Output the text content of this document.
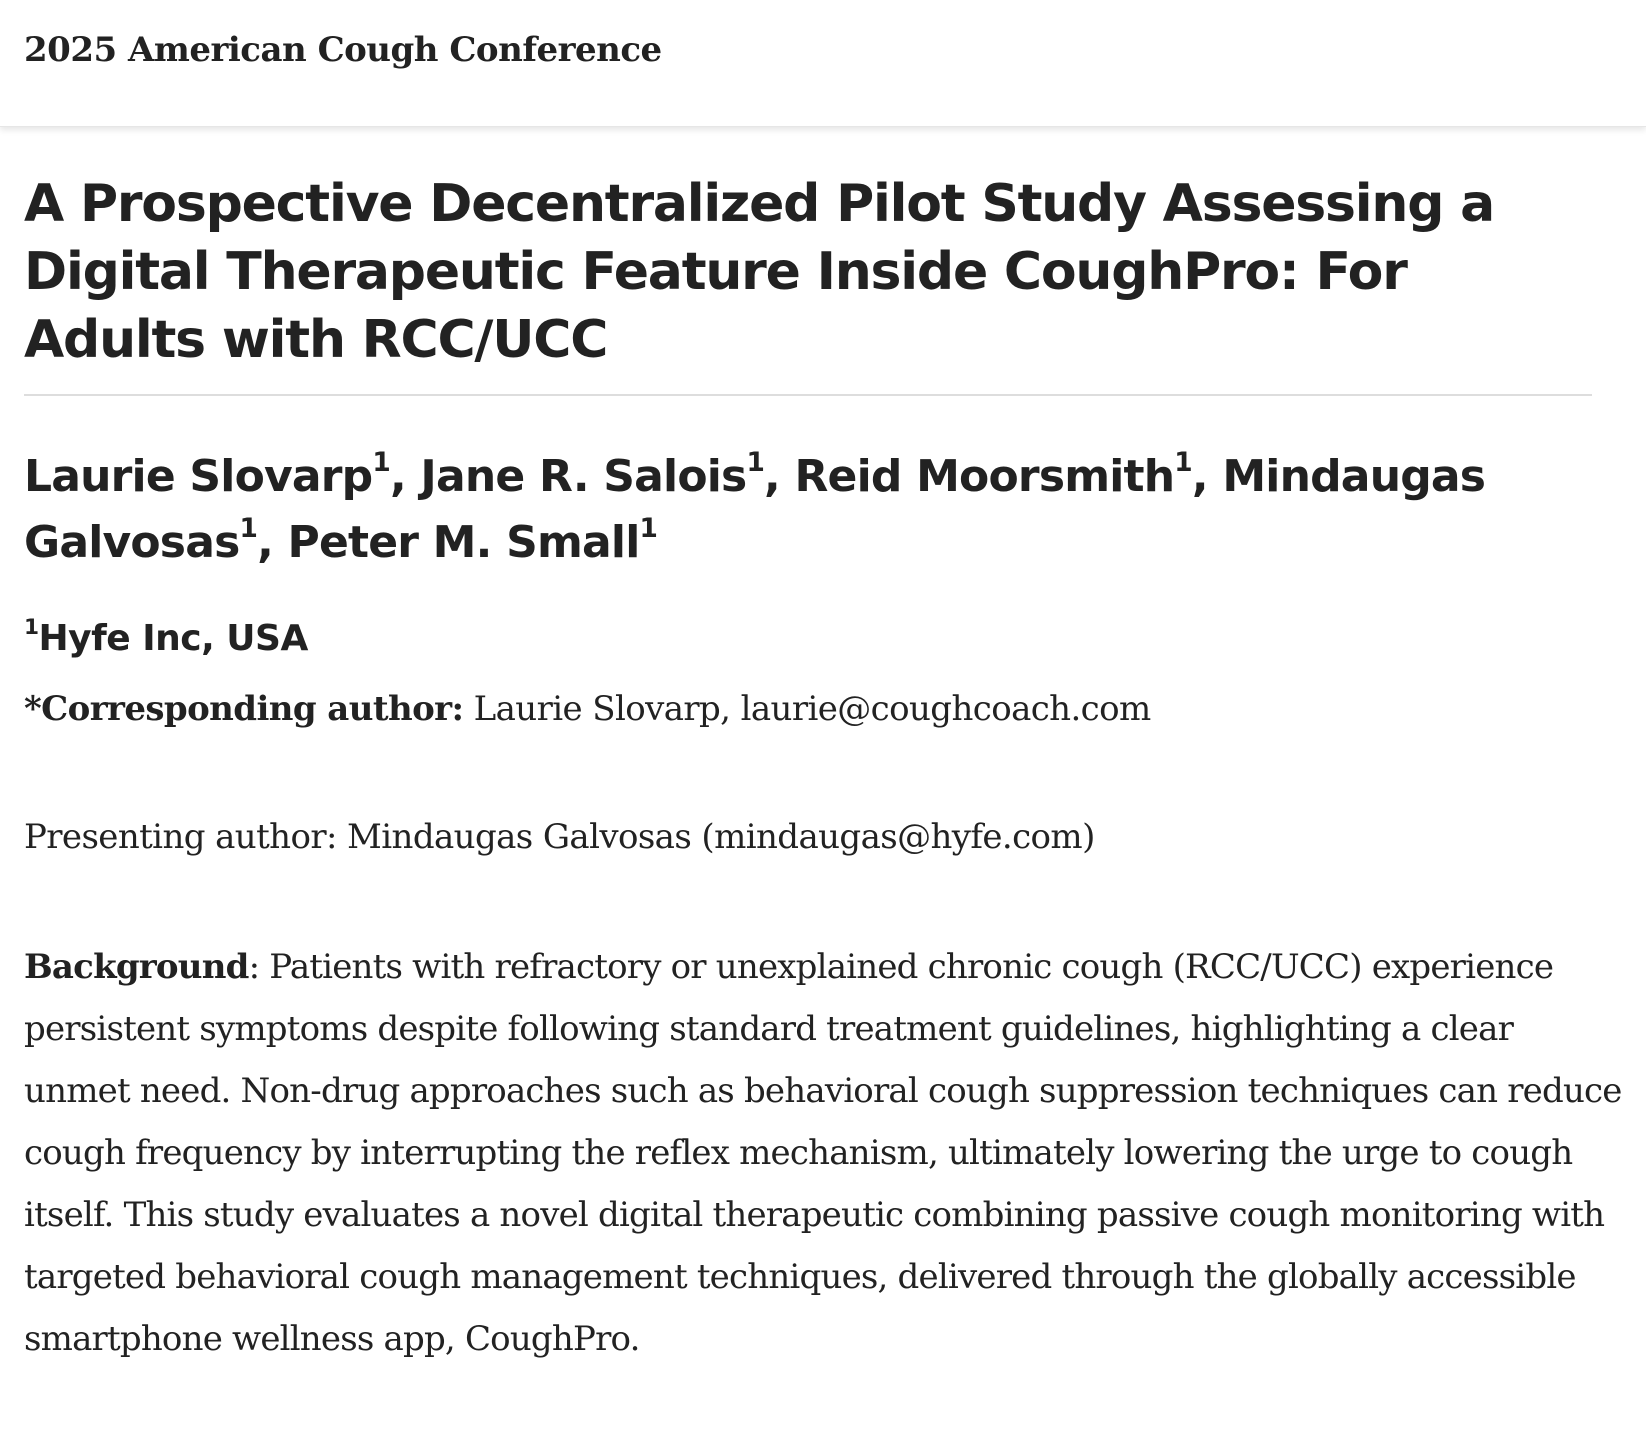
2025 American Cough Conference
A Prospective Decentralized Pilot Study Assessing a Digital Therapeutic Feature Inside CoughPro: For Adults with RCC/UCC
Laurie Slovarp$^1$, Jane R. Salois$^1$, Reid Moorsmith$^1$, Mindaugas Galvosas$^1$, Peter M. Small$^1$
$^1$Hyfe Inc, USA
*Corresponding author: Laurie Slovarp, laurie@coughcoach.com
Presenting author: Mindaugas Galvosas (mindaugas@hyfe.com)
Background: Patients with refractory or unexplained chronic cough (RCC/UCC) experience persistent symptoms despite following standard treatment guidelines, highlighting a clear unmet need. Non-drug approaches such as behavioral cough suppression techniques can reduce cough frequency by interrupting the reflex mechanism, ultimately lowering the urge to cough itself. This study evaluates a novel digital therapeutic combining passive cough monitoring with targeted behavioral cough management techniques, delivered through the globally accessible smartphone wellness app, CoughPro.
